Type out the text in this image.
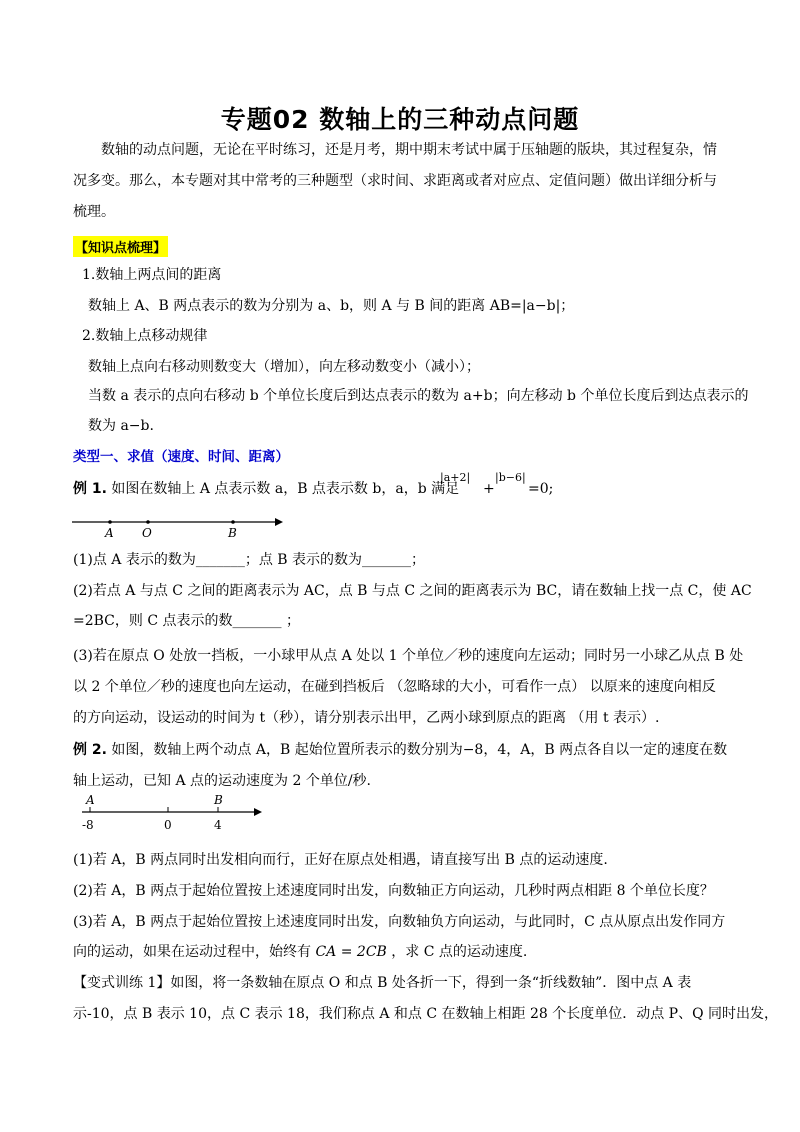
专题02 数轴上的三种动点问题
数轴的动点问题，无论在平时练习，还是月考，期中期末考试中属于压轴题的版块，其过程复杂，情况多变。那么，本专题对其中常考的三种题型（求时间、求距离或者对应点、定值问题）做出详细分析与梳理。
【知识点梳理】
1.数轴上两点间的距离
数轴上 A、B 两点表示的数为分别为 a、b，则 A 与 B 间的距离 AB=|a−b|；
2.数轴上点移动规律
数轴上点向右移动则数变大（增加），向左移动数变小（减小）；
当数 a 表示的点向右移动 b 个单位长度后到达点表示的数为 a+b；向左移动 b 个单位长度后到达点表示的
数为 a−b.
类型一、求值（速度、时间、距离）
例 1. 如图在数轴上 A 点表示数 a，B 点表示数 b，a，b 满足
|a+2|
+
|b−6|
=0;
A O	B
(1)点 A 表示的数为_______；点 B 表示的数为_______；
(2)若点 A 与点 C 之间的距离表示为 AC，点 B 与点 C 之间的距离表示为 BC，请在数轴上找一点 C，使 AC
=2BC，则 C 点表示的数_______ ；
(3)若在原点 O 处放一挡板，一小球甲从点 A 处以 1 个单位／秒的速度向左运动；同时另一小球乙从点 B 处
以 2 个单位／秒的速度也向左运动，在碰到挡板后 （忽略球的大小，可看作一点） 以原来的速度向相反
的方向运动，设运动的时间为 t（秒），请分别表示出甲，乙两小球到原点的距离 （用 t 表示）.
例 2. 如图，数轴上两个动点 A，B 起始位置所表示的数分别为−8，4，A，B 两点各自以一定的速度在数
轴上运动，已知 A 点的运动速度为 2 个单位/秒.
A	B
-8	0	4
(1)若 A，B 两点同时出发相向而行，正好在原点处相遇，请直接写出 B 点的运动速度.
(2)若 A，B 两点于起始位置按上述速度同时出发，向数轴正方向运动，几秒时两点相距 8 个单位长度？
(3)若 A，B 两点于起始位置按上述速度同时出发，向数轴负方向运动，与此同时，C 点从原点出发作同方
向的运动，如果在运动过程中，始终有 CA = 2CB ，求 C 点的运动速度.
【变式训练 1】如图，将一条数轴在原点 O 和点 B 处各折一下，得到一条“折线数轴”．图中点 A 表
示-10，点 B 表示 10，点 C 表示 18，我们称点 A 和点 C 在数轴上相距 28 个长度单位．动点 P、Q 同时出发，
